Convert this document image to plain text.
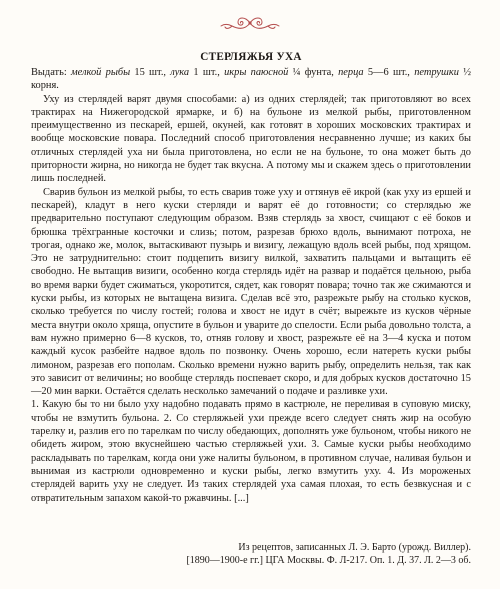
СТЕРЛЯЖЬЯ УХА

Выдать: мелкой рыбы 15 шт., лука 1 шт., икры паюсной ¼ фунта, перца 5—6 шт., петрушки ½ корня.

Уху из стерлядей варят двумя способами: а) из одних стерлядей; так приготовляют во всех трактирах на Нижегородской ярмарке, и б) на бульоне из мелкой рыбы, приготовленном преимущественно из пескарей, ершей, окуней, как готовят в хороших московских трактирах и вообще московские повара. Последний способ приготовления несравненно лучше; из каких бы отличных стерлядей уха ни была приготовлена, но если не на бульоне, то она может быть до приторности жирна, но никогда не будет так вкусна. А потому мы и скажем здесь о приготовлении лишь последней.

Сварив бульон из мелкой рыбы, то есть сварив тоже уху и оттянув её икрой (как уху из ершей и пескарей), кладут в него куски стерляди и варят её до готовности; со стерлядью же предварительно поступают следующим образом. Взяв стерлядь за хвост, счищают с её боков и брюшка трёхгранные косточки и слизь; потом, разрезав брюхо вдоль, вынимают потроха, не трогая, однако же, молок, вытаскивают пузырь и визигу, лежащую вдоль всей рыбы, под хрящом. Это не затруднительно: стоит подцепить визигу вилкой, захватить пальцами и вытащить её свободно. Не вытащив визиги, особенно когда стерлядь идёт на развар и подаётся цельною, рыба во время варки будет сжиматься, укоротится, сядет, как говорят повара; точно так же сжимаются и куски рыбы, из которых не вытащена визига. Сделав всё это, разрежьте рыбу на столько кусков, сколько требуется по числу гостей; голова и хвост не идут в счёт; вырежьте из кусков чёрные места внутри около хряща, опустите в бульон и уварите до спелости. Если рыба довольно толста, а вам нужно примерно 6—8 кусков, то, отняв голову и хвост, разрежьте её на 3—4 куска и потом каждый кусок разбейте надвое вдоль по позвонку. Очень хорошо, если натереть куски рыбы лимоном, разрезав его пополам. Сколько времени нужно варить рыбу, определить нельзя, так как это зависит от величины; но вообще стерлядь поспевает скоро, и для добрых кусков достаточно 15—20 мин варки. Остаётся сделать несколько замечаний о подаче и разливке ухи.

1. Какую бы то ни было уху надобно подавать прямо в кастрюле, не переливая в суповую миску, чтобы не взмутить бульона. 2. Со стерляжьей ухи прежде всего следует снять жир на особую тарелку и, разлив его по тарелкам по числу обедающих, дополнять уже бульоном, чтобы никого не обидеть жиром, этою вкуснейшею частью стерляжьей ухи. 3. Самые куски рыбы необходимо раскладывать по тарелкам, когда они уже налиты бульоном, в противном случае, наливая бульон и вынимая из кастрюли одновременно и куски рыбы, легко взмутить уху. 4. Из мороженых стерлядей варить уху не следует. Из таких стерлядей уха самая плохая, то есть безвкусная и с отвратительным запахом какой-то ржавчины. [...]

Из рецептов, записанных Л. Э. Барто (урожд. Виллер).
[1890—1900-е гг.] ЦГА Москвы. Ф. Л-217. Оп. 1. Д. 37. Л. 2—3 об.
